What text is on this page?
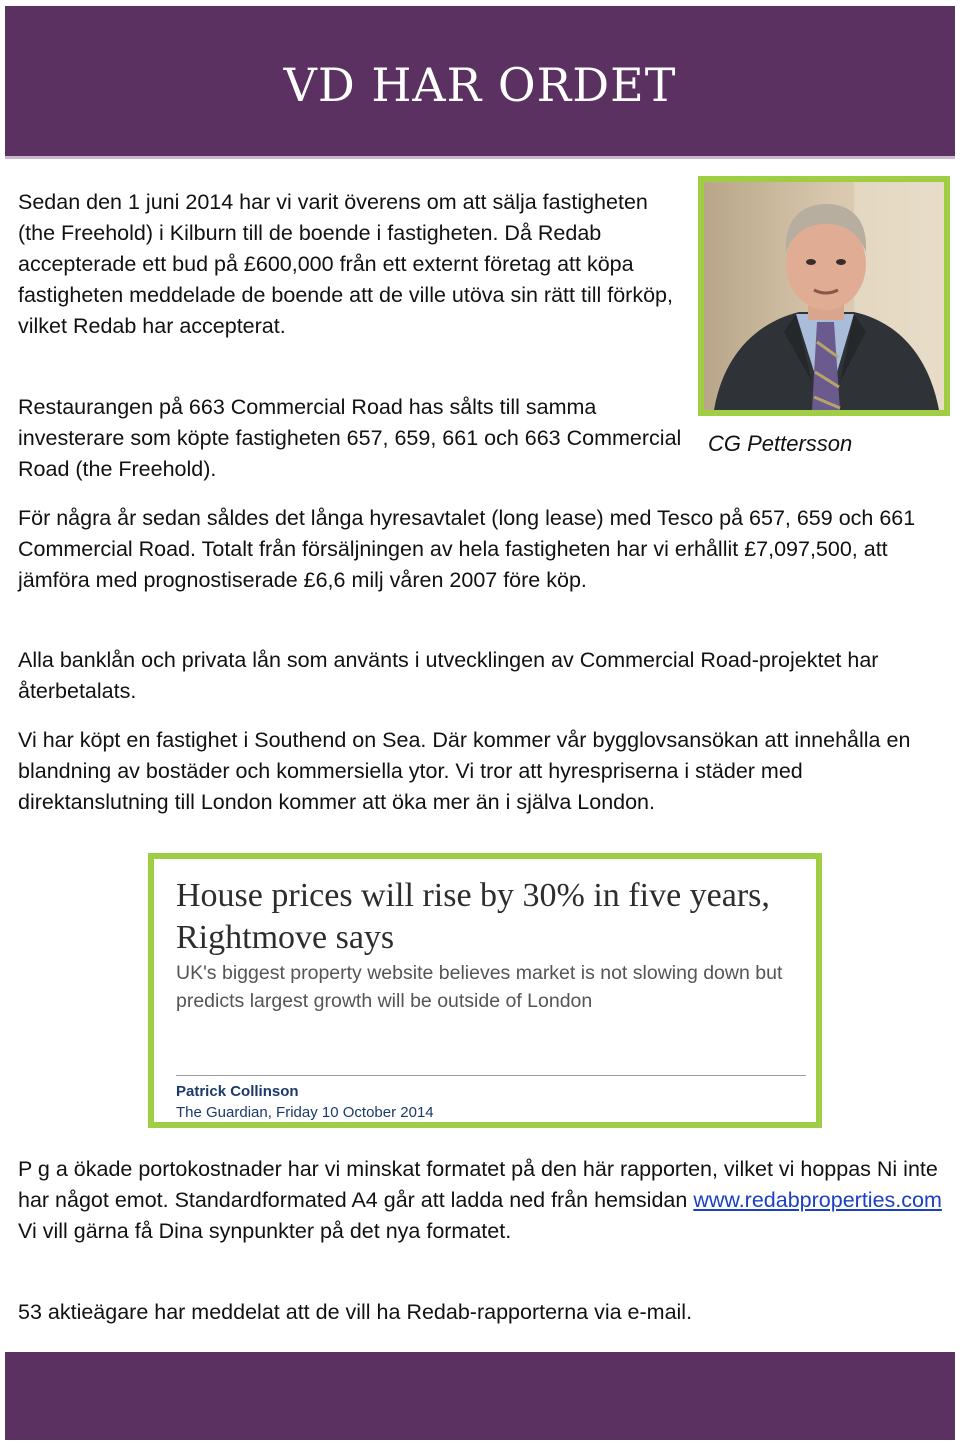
VD HAR ORDET

Sedan den 1 juni 2014 har vi varit överens om att sälja fastigheten (the Freehold) i Kilburn till de boende i fastigheten. Då Redab accepterade ett bud på £600,000 från ett externt företag att köpa fastigheten meddelade de boende att de ville utöva sin rätt till förköp, vilket Redab har accepterat.

Restaurangen på 663 Commercial Road has sålts till samma investerare som köpte fastigheten 657, 659, 661 och 663 Commercial Road (the Freehold).

CG Pettersson

För några år sedan såldes det långa hyresavtalet (long lease) med Tesco på 657, 659 och 661 Commercial Road. Totalt från försäljningen av hela fastigheten har vi erhållit £7,097,500, att jämföra med prognostiserade £6,6 milj våren 2007 före köp.

Alla banklån och privata lån som använts i utvecklingen av Commercial Road-projektet har återbetalats.

Vi har köpt en fastighet i Southend on Sea. Där kommer vår bygglovsansökan att innehålla en blandning av bostäder och kommersiella ytor. Vi tror att hyrespriserna i städer med direktanslutning till London kommer att öka mer än i själva London.

House prices will rise by 30% in five years, Rightmove says

UK's biggest property website believes market is not slowing down but predicts largest growth will be outside of London

Patrick Collinson

The Guardian, Friday 10 October 2014

P g a ökade portokostnader har vi minskat formatet på den här rapporten, vilket vi hoppas Ni inte har något emot. Standardformated A4 går att ladda ned från hemsidan www.redabproperties.com Vi vill gärna få Dina synpunkter på det nya formatet.

53 aktieägare har meddelat att de vill ha Redab-rapporterna via e-mail.
